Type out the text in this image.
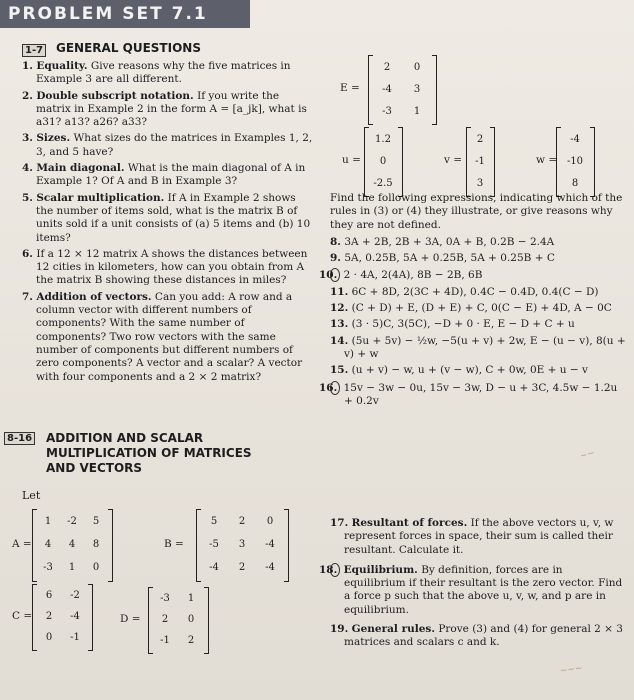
PROBLEM SET 7.1
1-7 GENERAL QUESTIONS
1. Equality. Give reasons why the five matrices in Example 3 are all different.
2. Double subscript notation. If you write the matrix in Example 2 in the form A = [a_jk], what is a31? a13? a26? a33?
3. Sizes. What sizes do the matrices in Examples 1, 2, 3, and 5 have?
4. Main diagonal. What is the main diagonal of A in Example 1? Of A and B in Example 3?
5. Scalar multiplication. If A in Example 2 shows the number of items sold, what is the matrix B of units sold if a unit consists of (a) 5 items and (b) 10 items?
6. If a 12 × 12 matrix A shows the distances between 12 cities in kilometers, how can you obtain from A the matrix B showing these distances in miles?
7. Addition of vectors. Can you add: A row and a column vector with different numbers of components? With the same number of components? Two row vectors with the same number of components but different numbers of zero components? A vector and a scalar? A vector with four components and a 2 × 2 matrix?
8-16 ADDITION AND SCALAR
MULTIPLICATION OF MATRICES
AND VECTORS
Let
A =
1	-2	5
4	4	8
-3	1	0
B =
5	2	0
-5	3	-4
-4	2	-4
C =
6	-2
2	-4
0	-1
D =
-3	1
2	0
-1	2
E =
2	0
-4	3
-3	1
u =
1.2
0
-2.5
v =
2
-1
3
w =
-4
-10
8
Find the following expressions, indicating which of the rules in (3) or (4) they illustrate, or give reasons why they are not defined.
8. 3A + 2B, 2B + 3A, 0A + B, 0.2B − 2.4A
9. 5A, 0.25B, 5A + 0.25B, 5A + 0.25B + C
10. 2 · 4A, 2(4A), 8B − 2B, 6B
11. 6C + 8D, 2(3C + 4D), 0.4C − 0.4D, 0.4(C − D)
12. (C + D) + E, (D + E) + C, 0(C − E) + 4D, A − 0C
13. (3 · 5)C, 3(5C), −D + 0 · E, E − D + C + u
14. (5u + 5v) − ½w, −5(u + v) + 2w, E − (u − v), 8(u + v) + w
15. (u + v) − w, u + (v − w), C + 0w, 0E + u − v
16. 15v − 3w − 0u, 15v − 3w, D − u + 3C, 4.5w − 1.2u + 0.2v
17. Resultant of forces. If the above vectors u, v, w represent forces in space, their sum is called their resultant. Calculate it.
18. Equilibrium. By definition, forces are in equilibrium if their resultant is the zero vector. Find a force p such that the above u, v, w, and p are in equilibrium.
19. General rules. Prove (3) and (4) for general 2 × 3 matrices and scalars c and k.
~~
~~~
